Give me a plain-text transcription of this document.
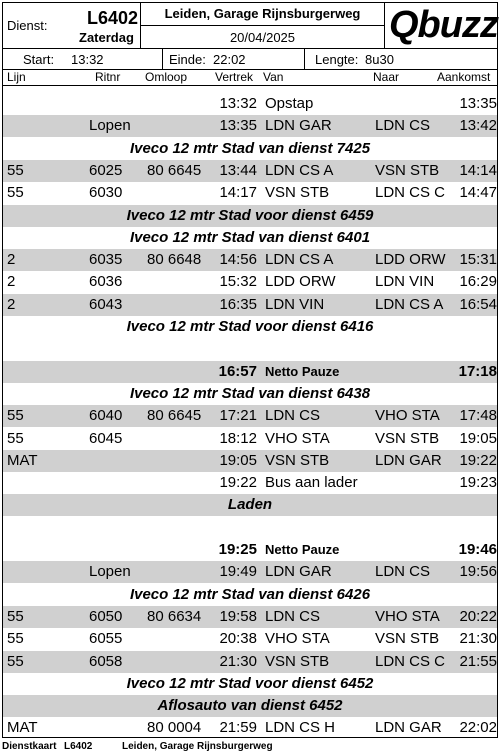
Dienst: L6402
Zaterdag
Leiden, Garage Rijnsburgerweg
20/04/2025	Qbuzz
Start: 13:32	Einde: 22:02	Lengte: 8u30
Lijn	Ritnr Omloop Vertrek Van	Naar	Aankomst
13:32 Opstap	13:35
Lopen	13:35 LDN GAR	LDN CS	13:42
Iveco 12 mtr Stad van dienst 7425
55	6025	80 6645	13:44 LDN CS A	VSN STB	14:14
55	6030	14:17 VSN STB	LDN CS C 14:47
Iveco 12 mtr Stad voor dienst 6459
Iveco 12 mtr Stad van dienst 6401
2	6035	80 6648	14:56 LDN CS A	LDD ORW 15:31
2	6036	15:32 LDD ORW	LDN VIN	16:29
2	6043	16:35 LDN VIN	LDN CS A	16:54
Iveco 12 mtr Stad voor dienst 6416
16:57 Netto Pauze	17:18
Iveco 12 mtr Stad van dienst 6438
55	6040	80 6645	17:21 LDN CS	VHO STA	17:48
55	6045	18:12 VHO STA	VSN STB	19:05
MAT	19:05 VSN STB	LDN GAR	19:22
19:22 Bus aan lader	19:23
Laden
19:25 Netto Pauze	19:46
Lopen	19:49 LDN GAR	LDN CS	19:56
Iveco 12 mtr Stad van dienst 6426
55	6050	80 6634	19:58 LDN CS	VHO STA	20:22
55	6055	20:38 VHO STA	VSN STB	21:30
55	6058	21:30 VSN STB	LDN CS C 21:55
Iveco 12 mtr Stad voor dienst 6452
Aflosauto van dienst 6452
MAT	80 0004	21:59 LDN CS H	LDN GAR	22:02
Dienstkaart L6402	Leiden, Garage Rijnsburgerweg
